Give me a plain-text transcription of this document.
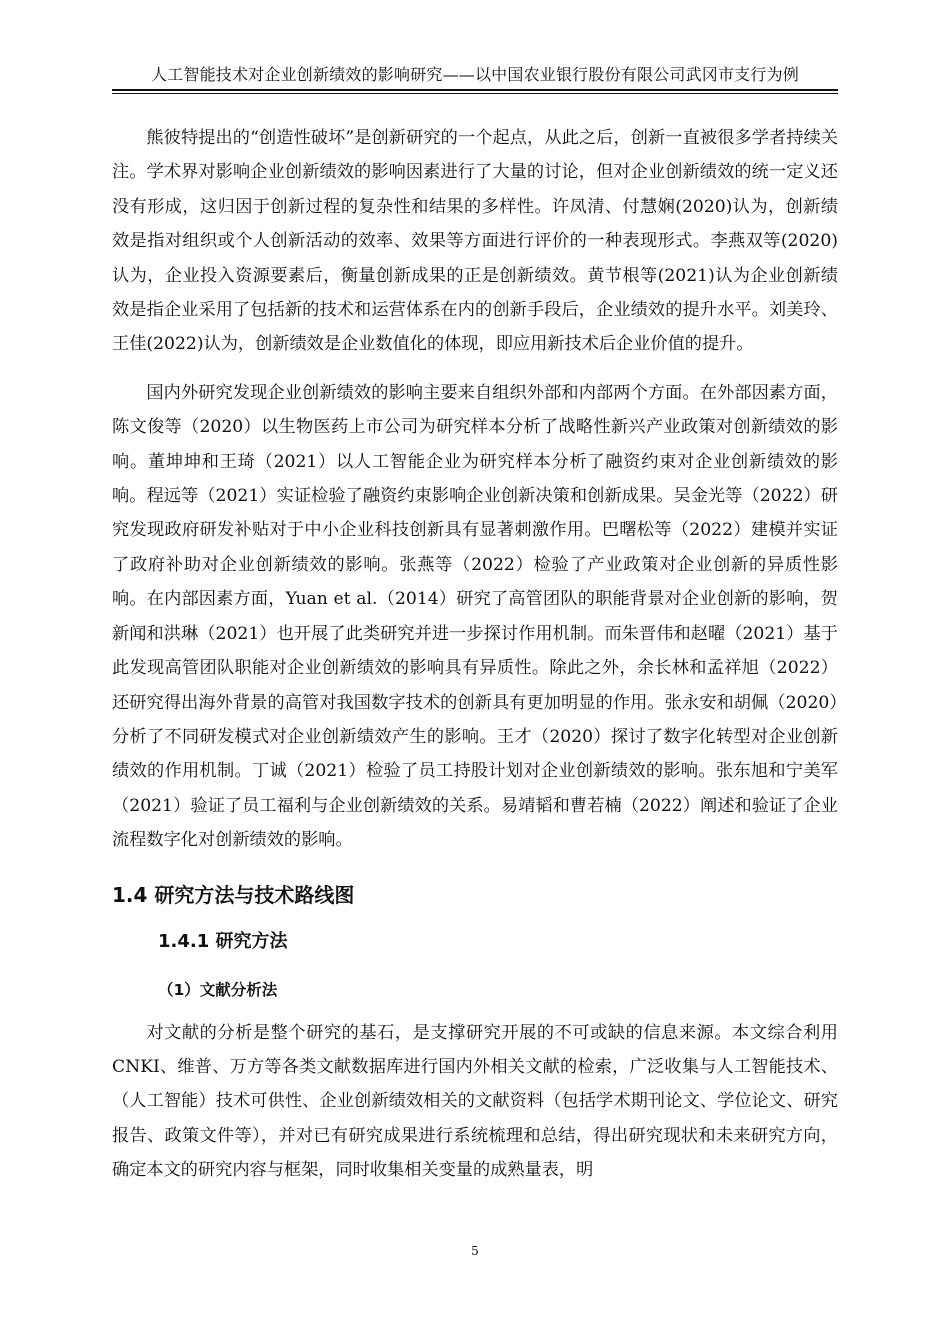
人工智能技术对企业创新绩效的影响研究——以中国农业银行股份有限公司武冈市支行为例

熊彼特提出的“创造性破坏”是创新研究的一个起点，从此之后，创新一直被很多学者持续关注。学术界对影响企业创新绩效的影响因素进行了大量的讨论，但对企业创新绩效的统一定义还没有形成，这归因于创新过程的复杂性和结果的多样性。许凤清、付慧娴(2020)认为，创新绩效是指对组织或个人创新活动的效率、效果等方面进行评价的一种表现形式。李燕双等(2020)认为，企业投入资源要素后，衡量创新成果的正是创新绩效。黄节根等(2021)认为企业创新绩效是指企业采用了包括新的技术和运营体系在内的创新手段后，企业绩效的提升水平。刘美玲、王佳(2022)认为，创新绩效是企业数值化的体现，即应用新技术后企业价值的提升。

国内外研究发现企业创新绩效的影响主要来自组织外部和内部两个方面。在外部因素方面，陈文俊等（2020）以生物医药上市公司为研究样本分析了战略性新兴产业政策对创新绩效的影响。董坤坤和王琦（2021）以人工智能企业为研究样本分析了融资约束对企业创新绩效的影响。程远等（2021）实证检验了融资约束影响企业创新决策和创新成果。吴金光等（2022）研究发现政府研发补贴对于中小企业科技创新具有显著刺激作用。巴曙松等（2022）建模并实证了政府补助对企业创新绩效的影响。张燕等（2022）检验了产业政策对企业创新的异质性影响。在内部因素方面，Yuan et al.（2014）研究了高管团队的职能背景对企业创新的影响，贺新闻和洪琳（2021）也开展了此类研究并进一步探讨作用机制。而朱晋伟和赵曜（2021）基于此发现高管团队职能对企业创新绩效的影响具有异质性。除此之外，余长林和孟祥旭（2022）还研究得出海外背景的高管对我国数字技术的创新具有更加明显的作用。张永安和胡佩（2020）分析了不同研发模式对企业创新绩效产生的影响。王才（2020）探讨了数字化转型对企业创新绩效的作用机制。丁诚（2021）检验了员工持股计划对企业创新绩效的影响。张东旭和宁美军（2021）验证了员工福利与企业创新绩效的关系。易靖韬和曹若楠（2022）阐述和验证了企业流程数字化对创新绩效的影响。

1.4 研究方法与技术路线图
1.4.1 研究方法
（1）文献分析法

对文献的分析是整个研究的基石，是支撑研究开展的不可或缺的信息来源。本文综合利用 CNKI、维普、万方等各类文献数据库进行国内外相关文献的检索，广泛收集与人工智能技术、（人工智能）技术可供性、企业创新绩效相关的文献资料（包括学术期刊论文、学位论文、研究报告、政策文件等），并对已有研究成果进行系统梳理和总结，得出研究现状和未来研究方向，确定本文的研究内容与框架，同时收集相关变量的成熟量表，明

5
